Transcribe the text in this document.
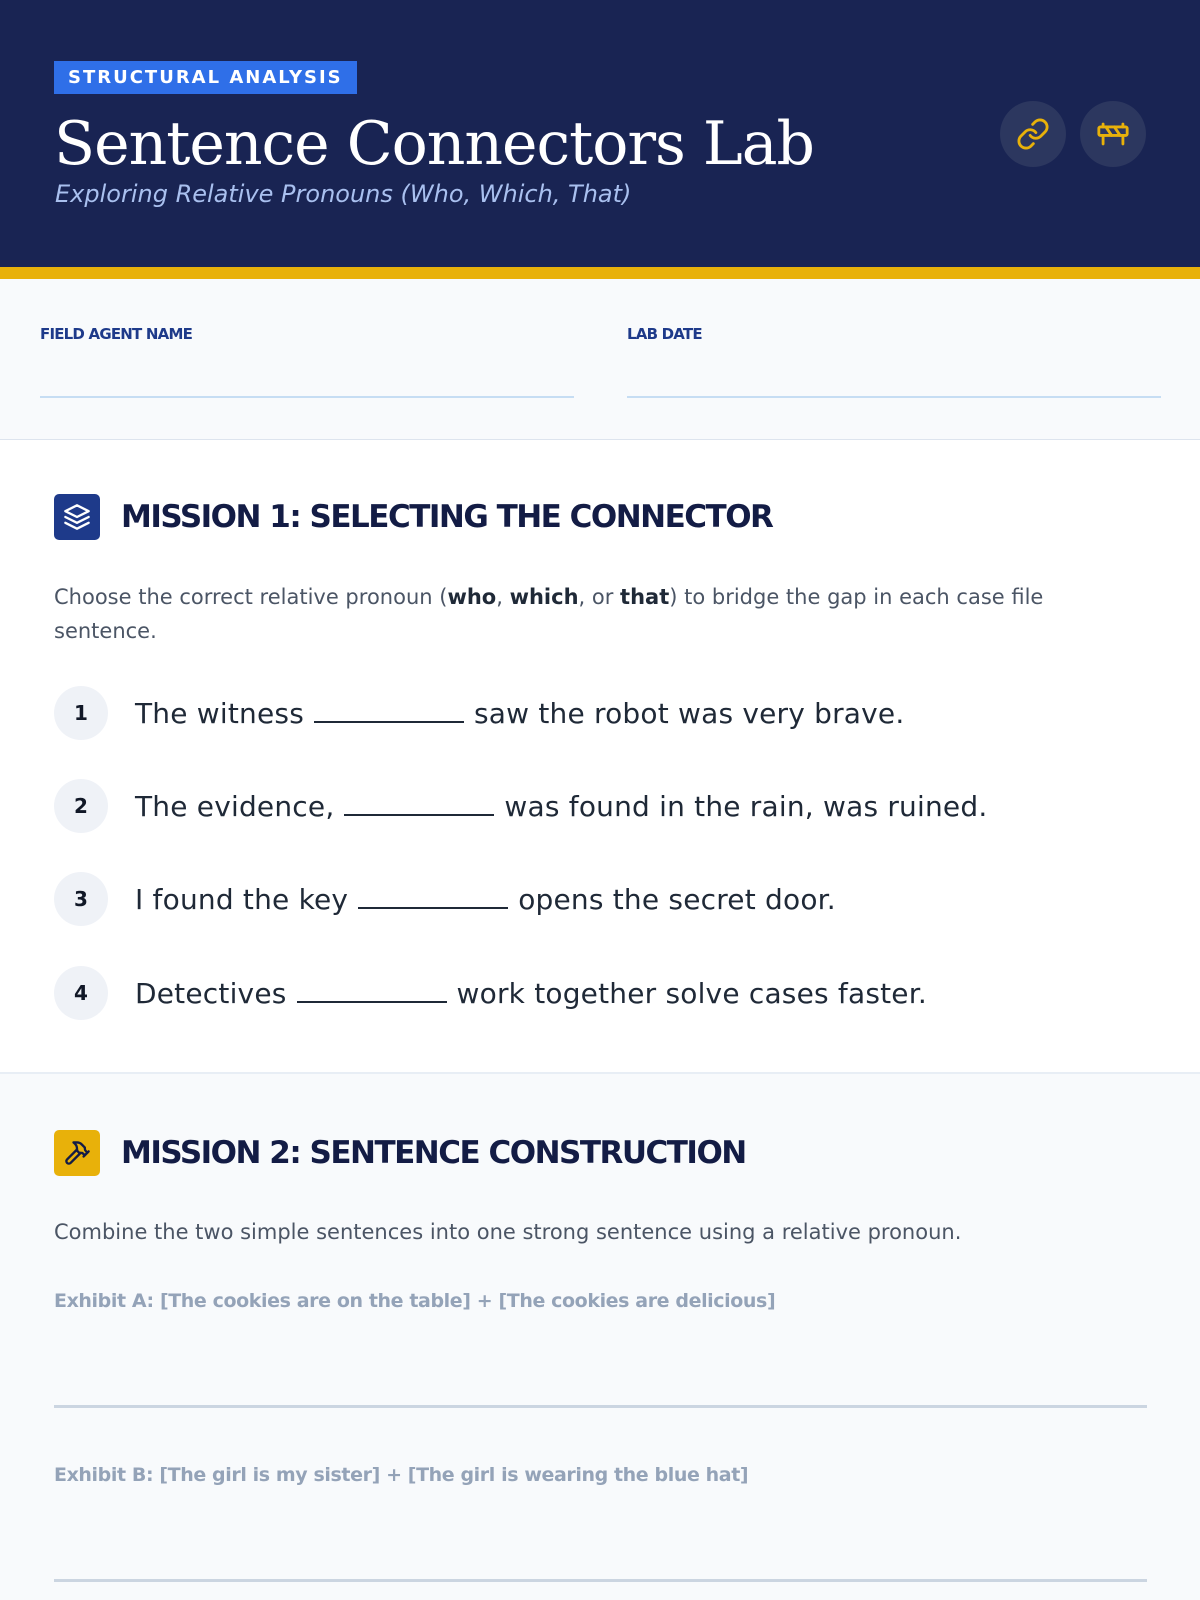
STRUCTURAL ANALYSIS
Sentence Connectors Lab
Exploring Relative Pronouns (Who, Which, That)
FIELD AGENT NAME	LAB DATE
MISSION 1: SELECTING THE CONNECTOR
Choose the correct relative pronoun (who, which, or that) to bridge the gap in each case file sentence.
1	The witness	saw the robot was very brave.
2	The evidence,	was found in the rain, was ruined.
3	I found the key	opens the secret door.
4	Detectives	work together solve cases faster.
MISSION 2: SENTENCE CONSTRUCTION
Combine the two simple sentences into one strong sentence using a relative pronoun.
Exhibit A: [The cookies are on the table] + [The cookies are delicious]
Exhibit B: [The girl is my sister] + [The girl is wearing the blue hat]
